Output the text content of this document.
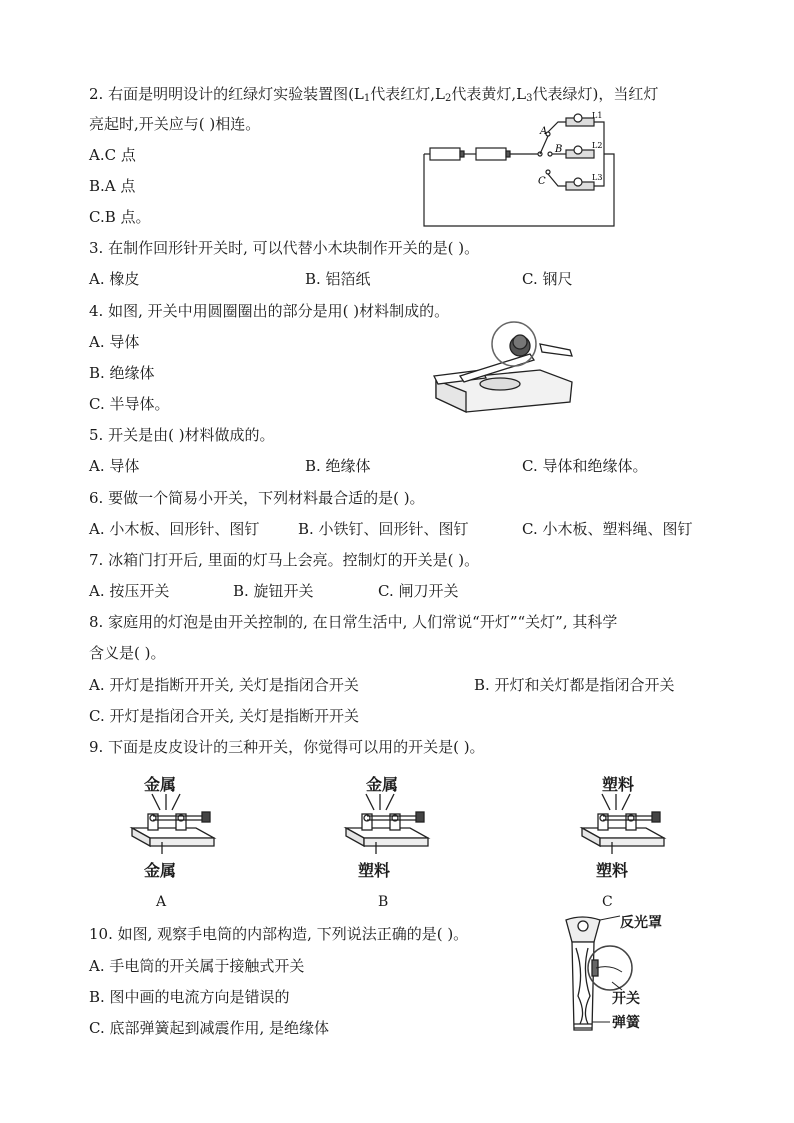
2. 右面是明明设计的红绿灯实验装置图($L_1$代表红灯$,L_2$代表黄灯$,L_3$代表绿灯)，当红灯
亮起时,开关应与( )相连。
A.C 点
B.A 点
C.B 点。
A
B
C
L1
L2
L3
3. 在制作回形针开关时, 可以代替小木块制作开关的是( )。
A. 橡皮	B. 铝箔纸	C. 钢尺
4. 如图, 开关中用圆圈圈出的部分是用( )材料制成的。
A. 导体
B. 绝缘体
C. 半导体。
5. 开关是由( )材料做成的。
A. 导体	B. 绝缘体	C. 导体和绝缘体。
6. 要做一个简易小开关，下列材料最合适的是( )。
A. 小木板、回形针、图钉	B. 小铁钉、回形针、图钉	C. 小木板、塑料绳、图钉
7. 冰箱门打开后, 里面的灯马上会亮。控制灯的开关是( )。
A. 按压开关	B. 旋钮开关	C. 闸刀开关
8. 家庭用的灯泡是由开关控制的, 在日常生活中, 人们常说“开灯”“关灯”, 其科学
含义是( )。
A. 开灯是指断开开关, 关灯是指闭合开关	B. 开灯和关灯都是指闭合开关
C. 开灯是指闭合开关, 关灯是指断开开关
9. 下面是皮皮设计的三种开关，你觉得可以用的开关是( )。
金属
金属
A
金属
塑料
B
塑料
塑料
C
10. 如图, 观察手电筒的内部构造, 下列说法正确的是( )。
A. 手电筒的开关属于接触式开关
B. 图中画的电流方向是错误的
C. 底部弹簧起到减震作用, 是绝缘体
反光罩
开关
弹簧
